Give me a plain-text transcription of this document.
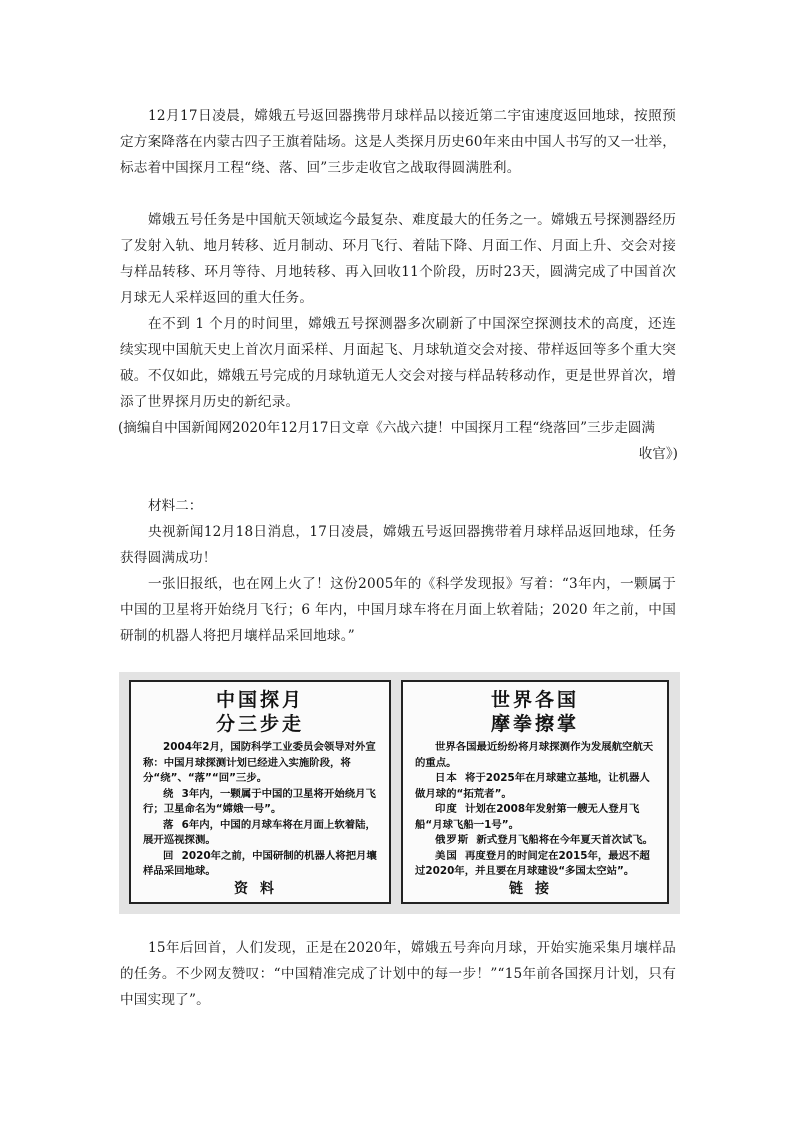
12月17日凌晨，嫦娥五号返回器携带月球样品以接近第二宇宙速度返回地球，按照预定方案降落在内蒙古四子王旗着陆场。这是人类探月历史60年来由中国人书写的又一壮举，标志着中国探月工程“绕、落、回”三步走收官之战取得圆满胜利。

嫦娥五号任务是中国航天领域迄今最复杂、难度最大的任务之一。嫦娥五号探测器经历了发射入轨、地月转移、近月制动、环月飞行、着陆下降、月面工作、月面上升、交会对接与样品转移、环月等待、月地转移、再入回收11个阶段，历时23天，圆满完成了中国首次月球无人采样返回的重大任务。

在不到 1 个月的时间里，嫦娥五号探测器多次刷新了中国深空探测技术的高度，还连续实现中国航天史上首次月面采样、月面起飞、月球轨道交会对接、带样返回等多个重大突破。 不仅如此，嫦娥五号完成的月球轨道无人交会对接与样品转移动作，更是世界首次，增添了世界探月历史的新纪录。

(摘编自中国新闻网2020年12月17日文章《六战六捷！中国探月工程“绕落回”三步走圆满
收官》)

材料二：

央视新闻12月18日消息，17日凌晨，嫦娥五号返回器携带着月球样品返回地球，任务获得圆满成功！

一张旧报纸，也在网上火了！这份2005年的《科学发现报》写着：“3年内，一颗属于中国的卫星将开始绕月飞行；6 年内，中国月球车将在月面上软着陆；2020 年之前，中国研制的机器人将把月壤样品采回地球。”

中国探月
分三步走

2004年2月，国防科学工业委员会领导对外宣称：中国月球探测计划已经进入实施阶段，将分“绕”、“落”“回”三步。

绕 3年内，一颗属于中国的卫星将开始绕月飞行；卫星命名为“嫦娥一号”。

落 6年内，中国的月球车将在月面上软着陆，展开巡视探测。

回 2020年之前，中国研制的机器人将把月壤样品采回地球。

资料
世界各国
摩拳擦掌

世界各国最近纷纷将月球探测作为发展航空航天的重点。

日本 将于2025年在月球建立基地，让机器人做月球的“拓荒者”。

印度 计划在2008年发射第一艘无人登月飞船“月球飞船一1号”。

俄罗斯 新式登月飞船将在今年夏天首次试飞。

美国 再度登月的时间定在2015年，最迟不超过2020年，并且要在月球建设“多国太空站”。

链接

15年后回首，人们发现，正是在2020年，嫦娥五号奔向月球，开始实施采集月壤样品的任务。不少网友赞叹：“中国精准完成了计划中的每一步！”“15年前各国探月计划，只有中国实现了”。
